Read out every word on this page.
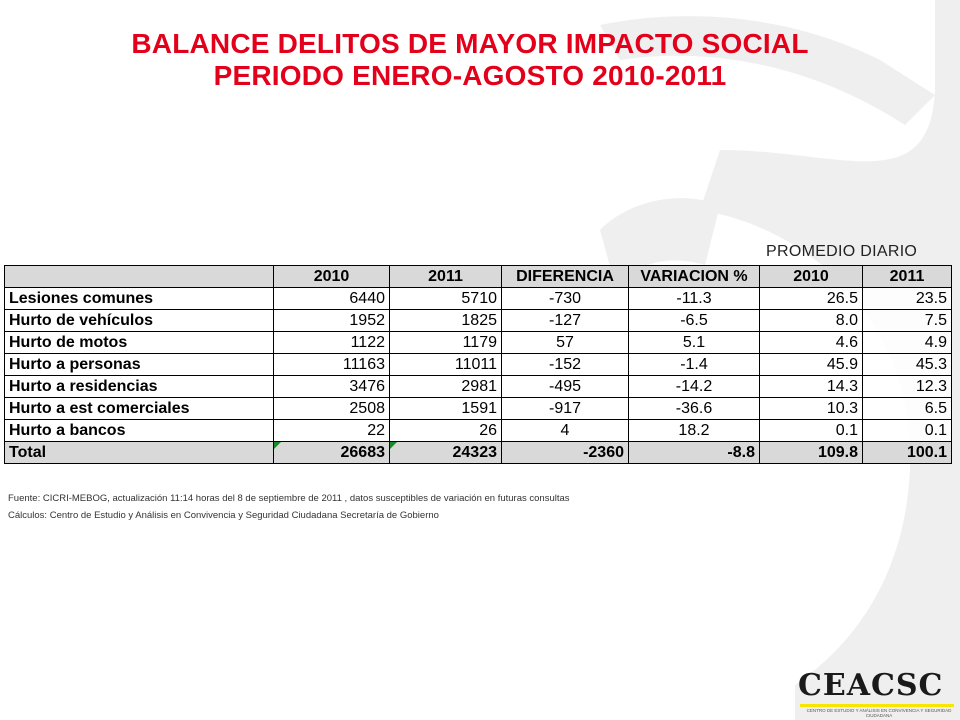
BALANCE DELITOS DE MAYOR IMPACTO SOCIAL
PERIODO ENERO-AGOSTO 2010-2011
PROMEDIO DIARIO
	2010	2011	DIFERENCIA	VARIACION %	2010	2011
Lesiones comunes	6440	5710	-730	-11.3	26.5	23.5
Hurto de vehículos	1952	1825	-127	-6.5	8.0	7.5
Hurto de motos	1122	1179	57	5.1	4.6	4.9
Hurto a personas	11163	11011	-152	-1.4	45.9	45.3
Hurto a residencias	3476	2981	-495	-14.2	14.3	12.3
Hurto a est comerciales	2508	1591	-917	-36.6	10.3	6.5
Hurto a bancos	22	26	4	18.2	0.1	0.1
Total	26683	24323	-2360	-8.8	109.8	100.1
Fuente: CICRI-MEBOG, actualización 11:14 horas del 8 de septiembre de 2011 , datos susceptibles de variación en futuras consultas
Cálculos: Centro de Estudio y Análisis en Convivencia y Seguridad Ciudadana Secretaría de Gobierno
CEACSC
CENTRO DE ESTUDIO Y ANÁLISIS EN CONVIVENCIA Y SEGURIDAD CIUDADANA
